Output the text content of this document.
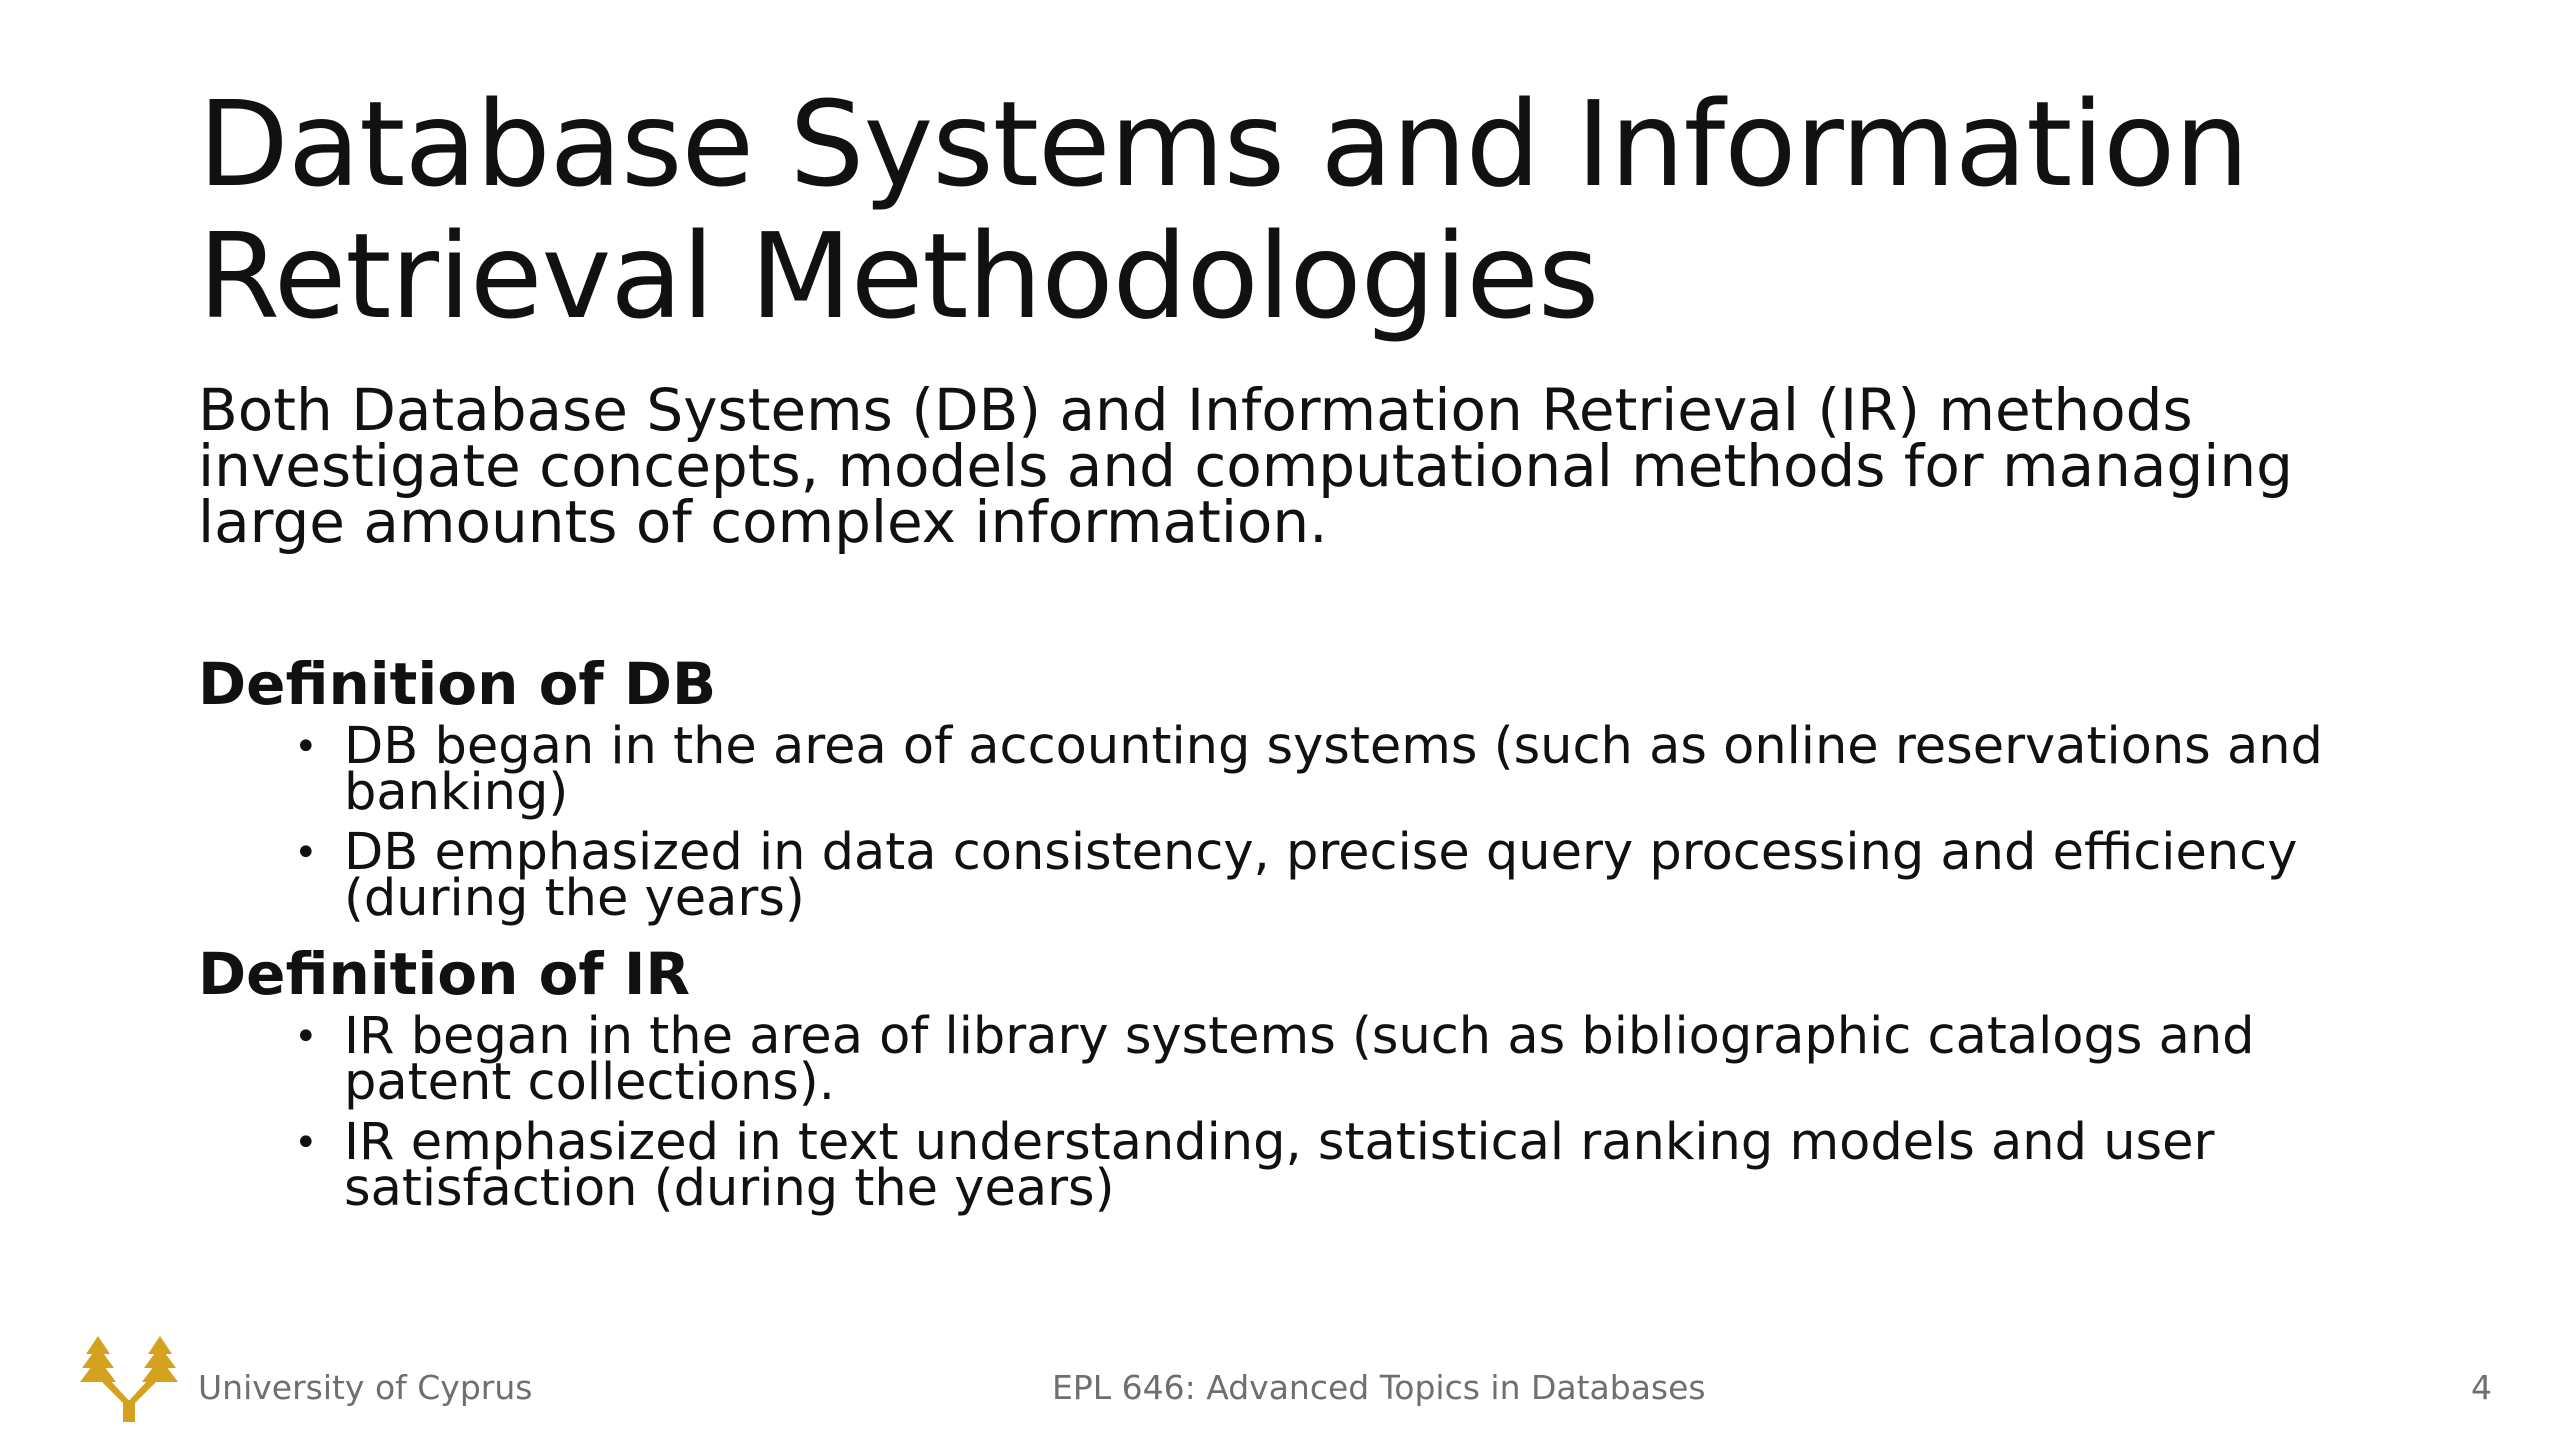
Database Systems and Information Retrieval Methodologies
Both Database Systems (DB) and Information Retrieval (IR) methods investigate concepts, models and computational methods for managing large amounts of complex information.
Definition of DB
• DB began in the area of accounting systems (such as online reservations and banking)
• DB emphasized in data consistency, precise query processing and efficiency (during the years)
Definition of IR
• IR began in the area of library systems (such as bibliographic catalogs and patent collections).
• IR emphasized in text understanding, statistical ranking models and user satisfaction (during the years)
University of Cyprus	EPL 646: Advanced Topics in Databases	4
